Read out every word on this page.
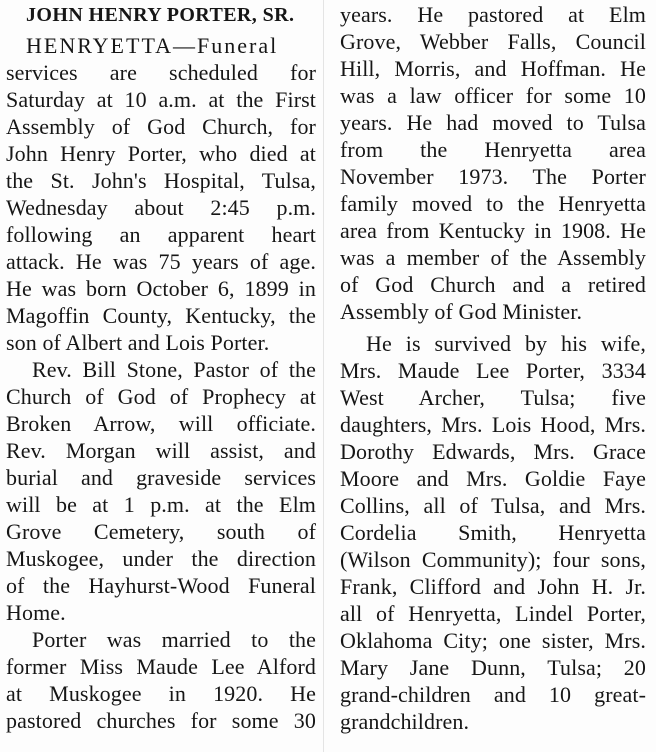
JOHN HENRY PORTER, SR.
HENRYETTA—Funeral
services are scheduled for
Saturday at 10 a.m. at the First
Assembly of God Church, for
John Henry Porter, who died at
the St. John's Hospital, Tulsa,
Wednesday about 2:45 p.m.
following an apparent heart
attack. He was 75 years of age.
He was born October 6, 1899 in
Magoffin County, Kentucky, the
son of Albert and Lois Porter.
Rev. Bill Stone, Pastor of the
Church of God of Prophecy at
Broken Arrow, will officiate.
Rev. Morgan will assist, and
burial and graveside services
will be at 1 p.m. at the Elm
Grove Cemetery, south of
Muskogee, under the direction
of the Hayhurst-Wood Funeral
Home.
Porter was married to the
former Miss Maude Lee Alford
at Muskogee in 1920. He
pastored churches for some 30
years. He pastored at Elm
Grove, Webber Falls, Council
Hill, Morris, and Hoffman. He
was a law officer for some 10
years. He had moved to Tulsa
from the Henryetta area
November 1973. The Porter
family moved to the Henryetta
area from Kentucky in 1908. He
was a member of the Assembly
of God Church and a retired
Assembly of God Minister.
He is survived by his wife,
Mrs. Maude Lee Porter, 3334
West Archer, Tulsa; five
daughters, Mrs. Lois Hood, Mrs.
Dorothy Edwards, Mrs. Grace
Moore and Mrs. Goldie Faye
Collins, all of Tulsa, and Mrs.
Cordelia Smith, Henryetta
(Wilson Community); four sons,
Frank, Clifford and John H. Jr.
all of Henryetta, Lindel Porter,
Oklahoma City; one sister, Mrs.
Mary Jane Dunn, Tulsa; 20
grand-children and 10 great-
grandchildren.
